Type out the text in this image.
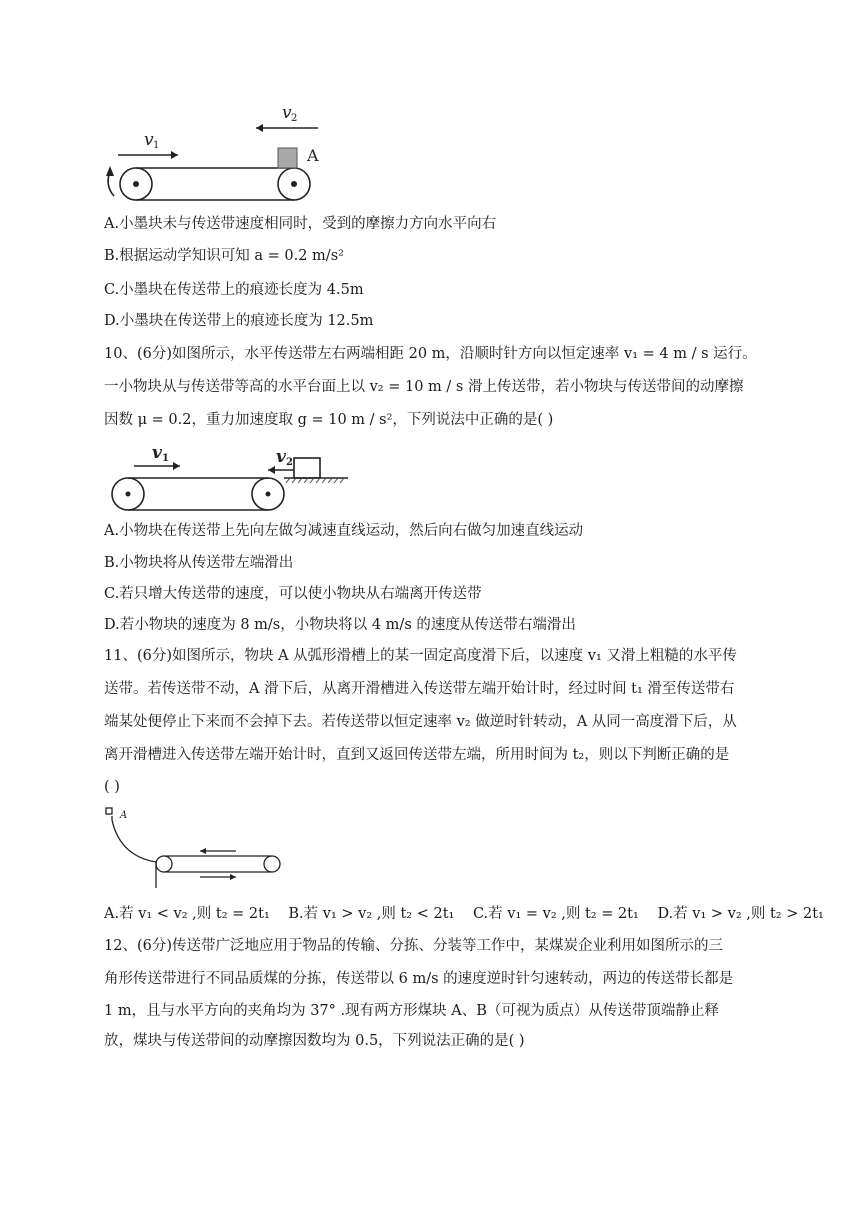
v 1
v 2
A
A.小墨块未与传送带速度相同时，受到的摩擦力方向水平向右
B.根据运动学知识可知 a = 0.2 m/s²
C.小墨块在传送带上的痕迹长度为 4.5m
D.小墨块在传送带上的痕迹长度为 12.5m
10、(6分)如图所示，水平传送带左右两端相距 20 m，沿顺时针方向以恒定速率 v₁ = 4 m / s 运行。
一小物块从与传送带等高的水平台面上以 v₂ = 10 m / s 滑上传送带，若小物块与传送带间的动摩擦
因数 μ = 0.2，重力加速度取 g = 10 m / s²，下列说法中正确的是( )
v 1	v 2
A.小物块在传送带上先向左做匀减速直线运动，然后向右做匀加速直线运动
B.小物块将从传送带左端滑出
C.若只增大传送带的速度，可以使小物块从右端离开传送带
D.若小物块的速度为 8 m/s，小物块将以 4 m/s 的速度从传送带右端滑出
11、(6分)如图所示，物块 A 从弧形滑槽上的某一固定高度滑下后，以速度 v₁ 又滑上粗糙的水平传
送带。若传送带不动，A 滑下后，从离开滑槽进入传送带左端开始计时，经过时间 t₁ 滑至传送带右
端某处便停止下来而不会掉下去。若传送带以恒定速率 v₂ 做逆时针转动，A 从同一高度滑下后，从
离开滑槽进入传送带左端开始计时，直到又返回传送带左端，所用时间为 t₂，则以下判断正确的是
( )
A
A.若 v₁ < v₂ ,则 t₂ = 2t₁ B.若 v₁ > v₂ ,则 t₂ < 2t₁ C.若 v₁ = v₂ ,则 t₂ = 2t₁ D.若 v₁ > v₂ ,则 t₂ > 2t₁
12、(6分)传送带广泛地应用于物品的传输、分拣、分装等工作中，某煤炭企业利用如图所示的三
角形传送带进行不同品质煤的分拣，传送带以 6 m/s 的速度逆时针匀速转动，两边的传送带长都是
1 m，且与水平方向的夹角均为 37° .现有两方形煤块 A、B（可视为质点）从传送带顶端静止释
放，煤块与传送带间的动摩擦因数均为 0.5，下列说法正确的是( )
